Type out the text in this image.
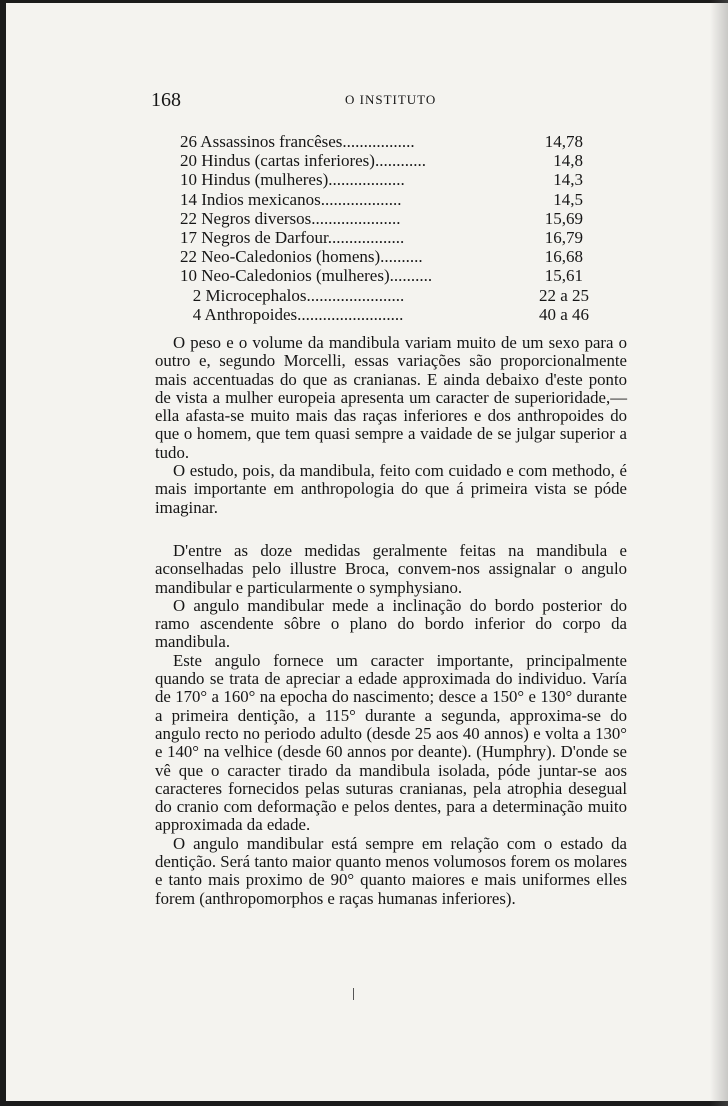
168	O INSTITUTO
26 Assassinos francêses.................	14,78
20 Hindus (cartas inferiores)............	14,8
10 Hindus (mulheres)..................	14,3
14 Indios mexicanos...................	14,5
22 Negros diversos.....................	15,69
17 Negros de Darfour..................	16,79
22 Neo-Caledonios (homens)..........	16,68
10 Neo-Caledonios (mulheres)..........	15,61
2 Microcephalos.......................	22 a 25
4 Anthropoides.........................	40 a 46

O peso e o volume da mandibula variam muito de um sexo para o outro e, segundo Morcelli, essas variações são proporcionalmente mais accentuadas do que as cranianas. E ainda debaixo d'este ponto de vista a mulher europeia apresenta um caracter de superioridade,—ella afasta-se muito mais das raças inferiores e dos anthropoides do que o homem, que tem quasi sempre a vaidade de se julgar superior a tudo.

O estudo, pois, da mandibula, feito com cuidado e com methodo, é mais importante em anthropologia do que á primeira vista se póde imaginar.

D'entre as doze medidas geralmente feitas na mandibula e aconselhadas pelo illustre Broca, convem-nos assignalar o angulo mandibular e particularmente o symphysiano.

O angulo mandibular mede a inclinação do bordo posterior do ramo ascendente sôbre o plano do bordo inferior do corpo da mandibula.

Este angulo fornece um caracter importante, principalmente quando se trata de apreciar a edade approximada do individuo. Varía de 170° a 160° na epocha do nascimento; desce a 150° e 130° durante a primeira dentição, a 115° durante a segunda, approxima-se do angulo recto no periodo adulto (desde 25 aos 40 annos) e volta a 130° e 140° na velhice (desde 60 annos por deante). (Humphry). D'onde se vê que o caracter tirado da mandibula isolada, póde juntar-se aos caracteres fornecidos pelas suturas cranianas, pela atrophia desegual do cranio com deformação e pelos dentes, para a determinação muito approximada da edade.

O angulo mandibular está sempre em relação com o estado da dentição. Será tanto maior quanto menos volumosos forem os molares e tanto mais proximo de 90° quanto maiores e mais uniformes elles forem (anthropomorphos e raças humanas inferiores).
